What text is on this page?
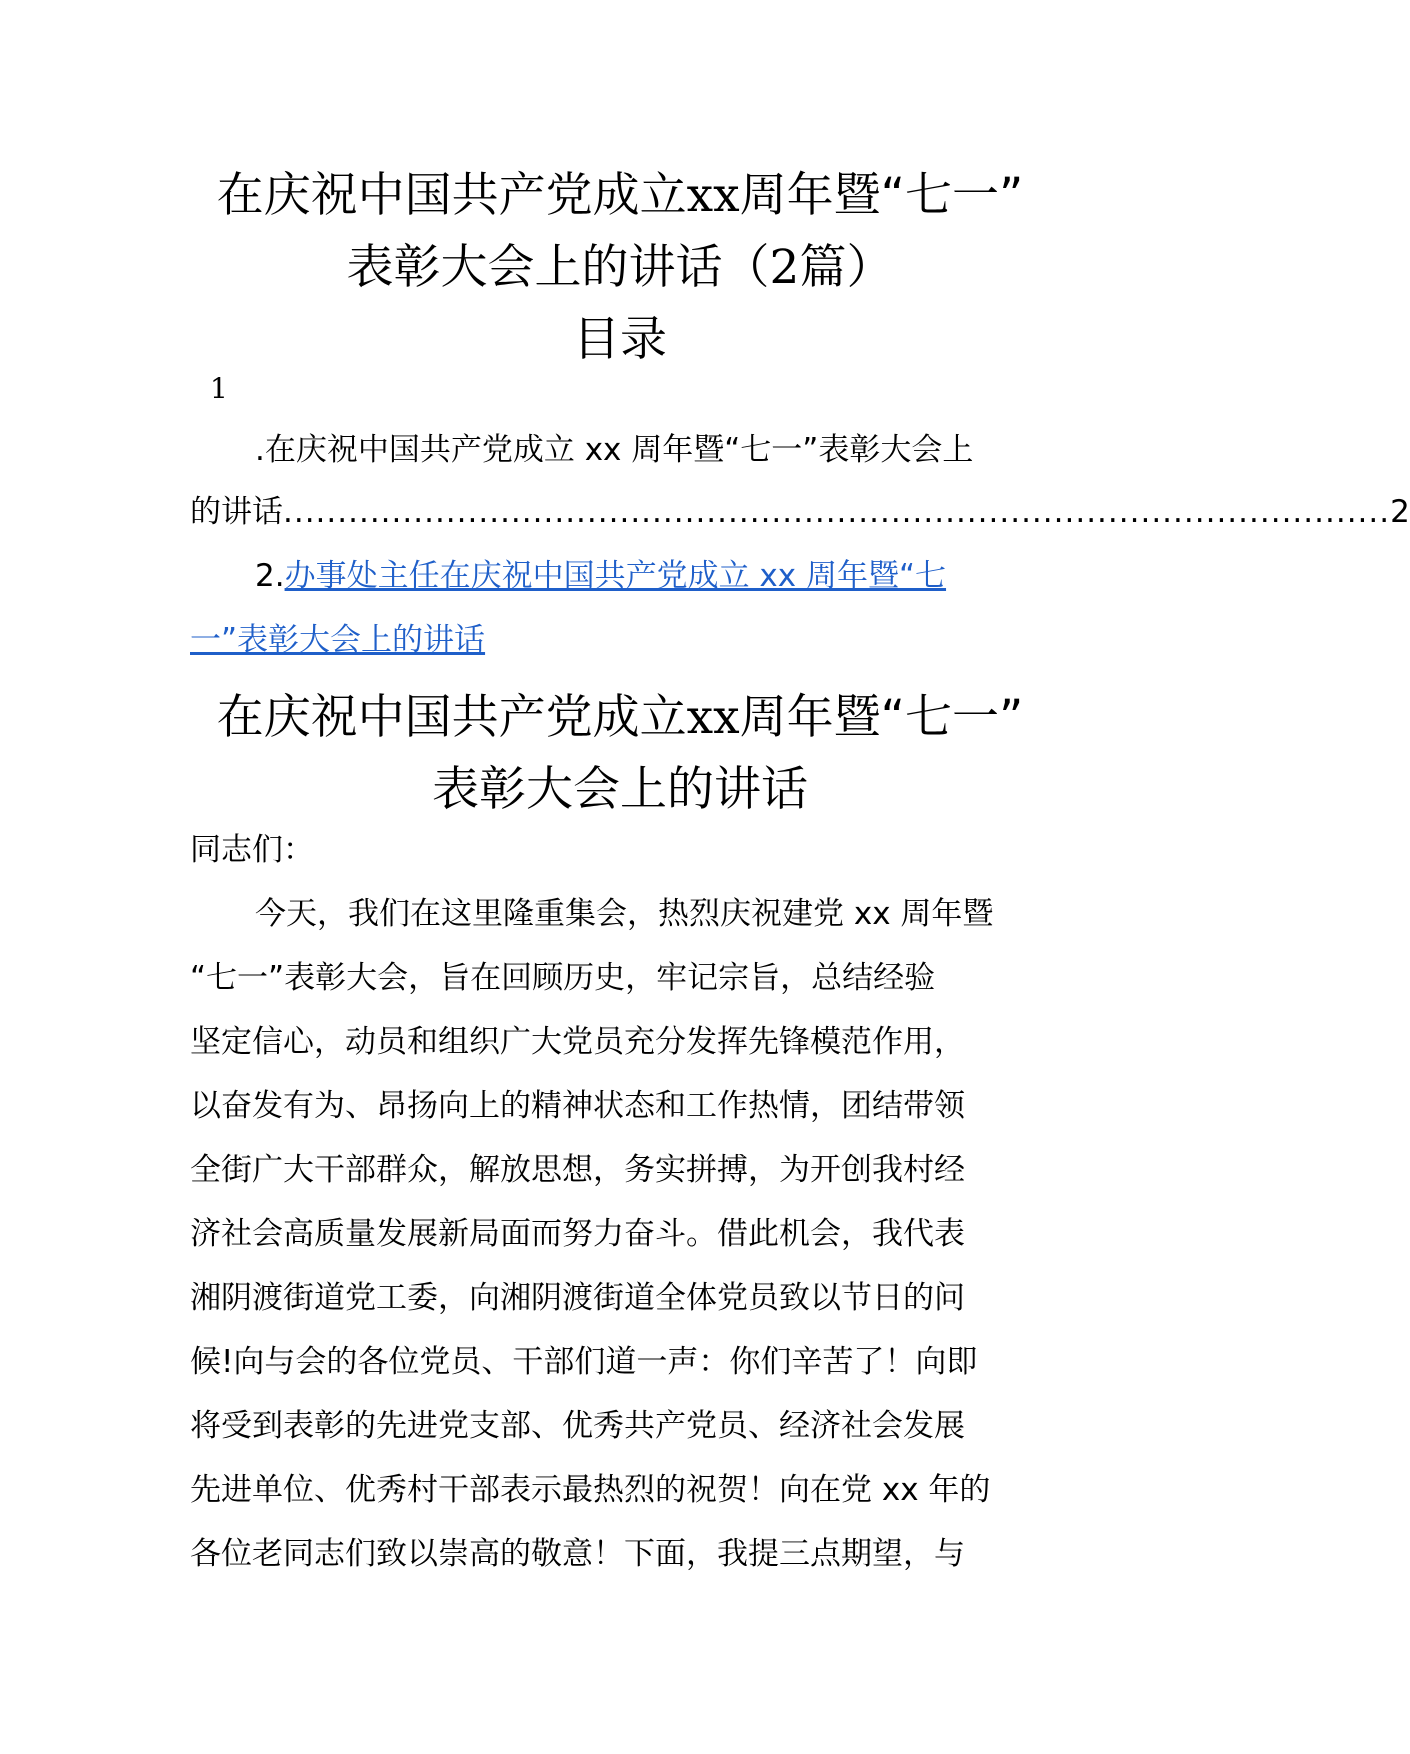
在庆祝中国共产党成立xx周年暨“七一”
表彰大会上的讲话（2篇）
目录
1
.在庆祝中国共产党成立 xx 周年暨“七一”表彰大会上
的讲话 ...................................................................................................... 2
2.办事处主任在庆祝中国共产党成立 xx 周年暨“七
一”表彰大会上的讲话
在庆祝中国共产党成立xx周年暨“七一”
表彰大会上的讲话
同志们：
今天，我们在这里隆重集会，热烈庆祝建党 xx 周年暨
“七一”表彰大会，旨在回顾历史，牢记宗旨，总结经验
坚定信心，动员和组织广大党员充分发挥先锋模范作用，
以奋发有为、昂扬向上的精神状态和工作热情，团结带领
全街广大干部群众，解放思想，务实拼搏，为开创我村经
济社会高质量发展新局面而努力奋斗。借此机会，我代表
湘阴渡街道党工委，向湘阴渡街道全体党员致以节日的问
候!向与会的各位党员、干部们道一声：你们辛苦了！向即
将受到表彰的先进党支部、优秀共产党员、经济社会发展
先进单位、优秀村干部表示最热烈的祝贺！向在党 xx 年的
各位老同志们致以崇高的敬意！下面，我提三点期望，与
